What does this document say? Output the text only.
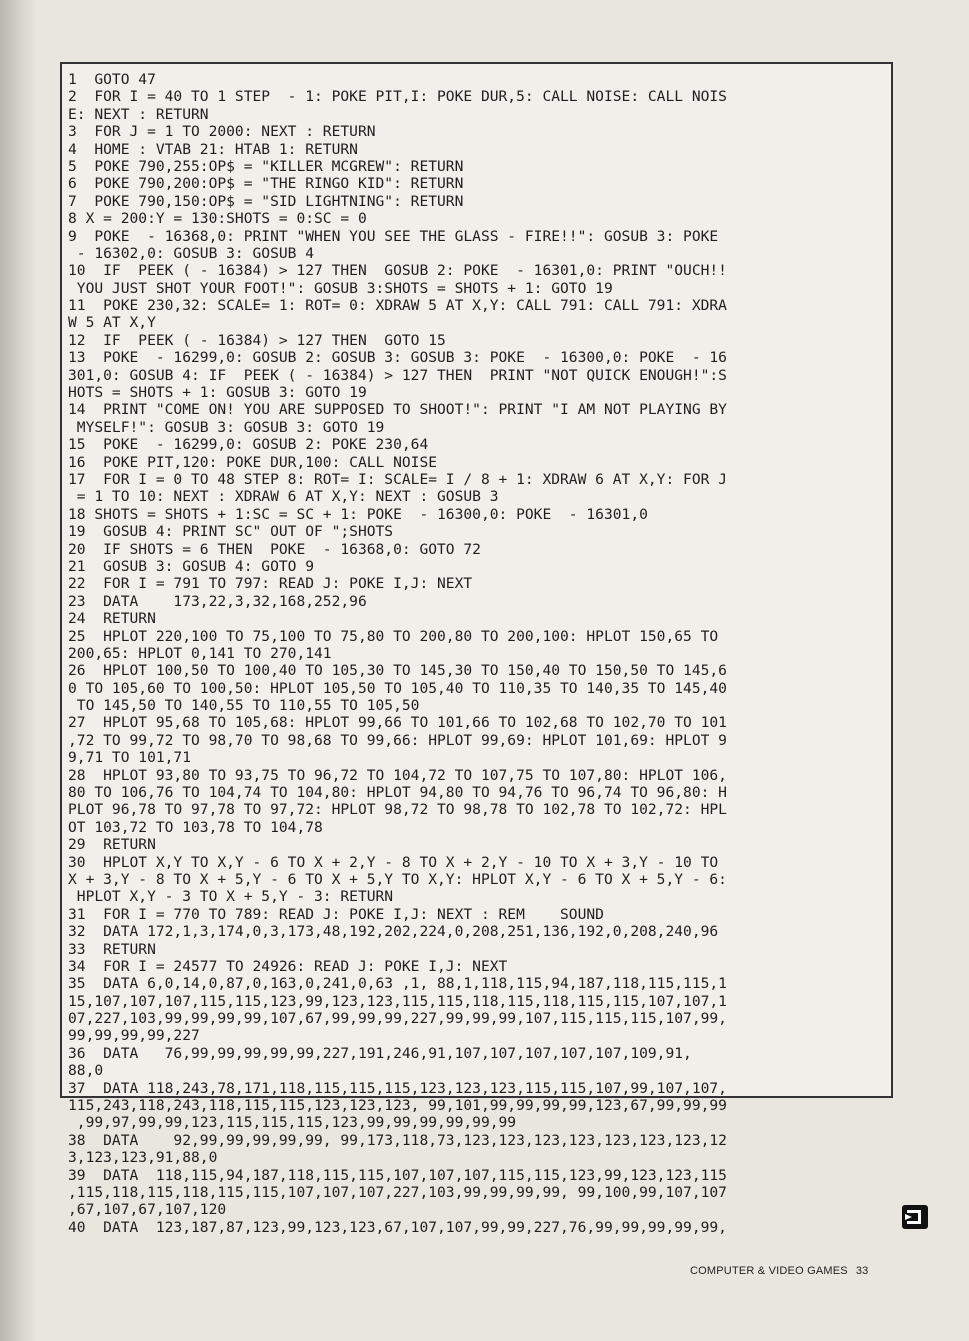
1  GOTO 47
2  FOR I = 40 TO 1 STEP  - 1: POKE PIT,I: POKE DUR,5: CALL NOISE: CALL NOIS
E: NEXT : RETURN
3  FOR J = 1 TO 2000: NEXT : RETURN
4  HOME : VTAB 21: HTAB 1: RETURN
5  POKE 790,255:OP$ = "KILLER MCGREW": RETURN
6  POKE 790,200:OP$ = "THE RINGO KID": RETURN
7  POKE 790,150:OP$ = "SID LIGHTNING": RETURN
8 X = 200:Y = 130:SHOTS = 0:SC = 0
9  POKE  - 16368,0: PRINT "WHEN YOU SEE THE GLASS - FIRE!!": GOSUB 3: POKE
- 16302,0: GOSUB 3: GOSUB 4
10  IF  PEEK ( - 16384) > 127 THEN  GOSUB 2: POKE  - 16301,0: PRINT "OUCH!!
YOU JUST SHOT YOUR FOOT!": GOSUB 3:SHOTS = SHOTS + 1: GOTO 19
11  POKE 230,32: SCALE= 1: ROT= 0: XDRAW 5 AT X,Y: CALL 791: CALL 791: XDRA
W 5 AT X,Y
12  IF  PEEK ( - 16384) > 127 THEN  GOTO 15
13  POKE  - 16299,0: GOSUB 2: GOSUB 3: GOSUB 3: POKE  - 16300,0: POKE  - 16
301,0: GOSUB 4: IF  PEEK ( - 16384) > 127 THEN  PRINT "NOT QUICK ENOUGH!":S
HOTS = SHOTS + 1: GOSUB 3: GOTO 19
14  PRINT "COME ON! YOU ARE SUPPOSED TO SHOOT!": PRINT "I AM NOT PLAYING BY
MYSELF!": GOSUB 3: GOSUB 3: GOTO 19
15  POKE  - 16299,0: GOSUB 2: POKE 230,64
16  POKE PIT,120: POKE DUR,100: CALL NOISE
17  FOR I = 0 TO 48 STEP 8: ROT= I: SCALE= I / 8 + 1: XDRAW 6 AT X,Y: FOR J
= 1 TO 10: NEXT : XDRAW 6 AT X,Y: NEXT : GOSUB 3
18 SHOTS = SHOTS + 1:SC = SC + 1: POKE  - 16300,0: POKE  - 16301,0
19  GOSUB 4: PRINT SC" OUT OF ";SHOTS
20  IF SHOTS = 6 THEN  POKE  - 16368,0: GOTO 72
21  GOSUB 3: GOSUB 4: GOTO 9
22  FOR I = 791 TO 797: READ J: POKE I,J: NEXT
23  DATA    173,22,3,32,168,252,96
24  RETURN
25  HPLOT 220,100 TO 75,100 TO 75,80 TO 200,80 TO 200,100: HPLOT 150,65 TO
200,65: HPLOT 0,141 TO 270,141
26  HPLOT 100,50 TO 100,40 TO 105,30 TO 145,30 TO 150,40 TO 150,50 TO 145,6
0 TO 105,60 TO 100,50: HPLOT 105,50 TO 105,40 TO 110,35 TO 140,35 TO 145,40
TO 145,50 TO 140,55 TO 110,55 TO 105,50
27  HPLOT 95,68 TO 105,68: HPLOT 99,66 TO 101,66 TO 102,68 TO 102,70 TO 101
,72 TO 99,72 TO 98,70 TO 98,68 TO 99,66: HPLOT 99,69: HPLOT 101,69: HPLOT 9
9,71 TO 101,71
28  HPLOT 93,80 TO 93,75 TO 96,72 TO 104,72 TO 107,75 TO 107,80: HPLOT 106,
80 TO 106,76 TO 104,74 TO 104,80: HPLOT 94,80 TO 94,76 TO 96,74 TO 96,80: H
PLOT 96,78 TO 97,78 TO 97,72: HPLOT 98,72 TO 98,78 TO 102,78 TO 102,72: HPL
OT 103,72 TO 103,78 TO 104,78
29  RETURN
30  HPLOT X,Y TO X,Y - 6 TO X + 2,Y - 8 TO X + 2,Y - 10 TO X + 3,Y - 10 TO
X + 3,Y - 8 TO X + 5,Y - 6 TO X + 5,Y TO X,Y: HPLOT X,Y - 6 TO X + 5,Y - 6:
HPLOT X,Y - 3 TO X + 5,Y - 3: RETURN
31  FOR I = 770 TO 789: READ J: POKE I,J: NEXT : REM    SOUND
32  DATA 172,1,3,174,0,3,173,48,192,202,224,0,208,251,136,192,0,208,240,96
33  RETURN
34  FOR I = 24577 TO 24926: READ J: POKE I,J: NEXT
35  DATA 6,0,14,0,87,0,163,0,241,0,63 ,1, 88,1,118,115,94,187,118,115,115,1
15,107,107,107,115,115,123,99,123,123,115,115,118,115,118,115,115,107,107,1
07,227,103,99,99,99,99,107,67,99,99,99,227,99,99,99,107,115,115,115,107,99,
99,99,99,99,227
36  DATA   76,99,99,99,99,99,227,191,246,91,107,107,107,107,107,109,91,
88,0
37  DATA 118,243,78,171,118,115,115,115,123,123,123,115,115,107,99,107,107,
115,243,118,243,118,115,115,123,123,123, 99,101,99,99,99,99,123,67,99,99,99
,99,97,99,99,123,115,115,115,123,99,99,99,99,99,99
38  DATA    92,99,99,99,99,99, 99,173,118,73,123,123,123,123,123,123,123,12
3,123,123,91,88,0
39  DATA  118,115,94,187,118,115,115,107,107,107,115,115,123,99,123,123,115
,115,118,115,118,115,115,107,107,107,227,103,99,99,99,99, 99,100,99,107,107
,67,107,67,107,120
40  DATA  123,187,87,123,99,123,123,67,107,107,99,99,227,76,99,99,99,99,99,
COMPUTER & VIDEO GAMES 33
